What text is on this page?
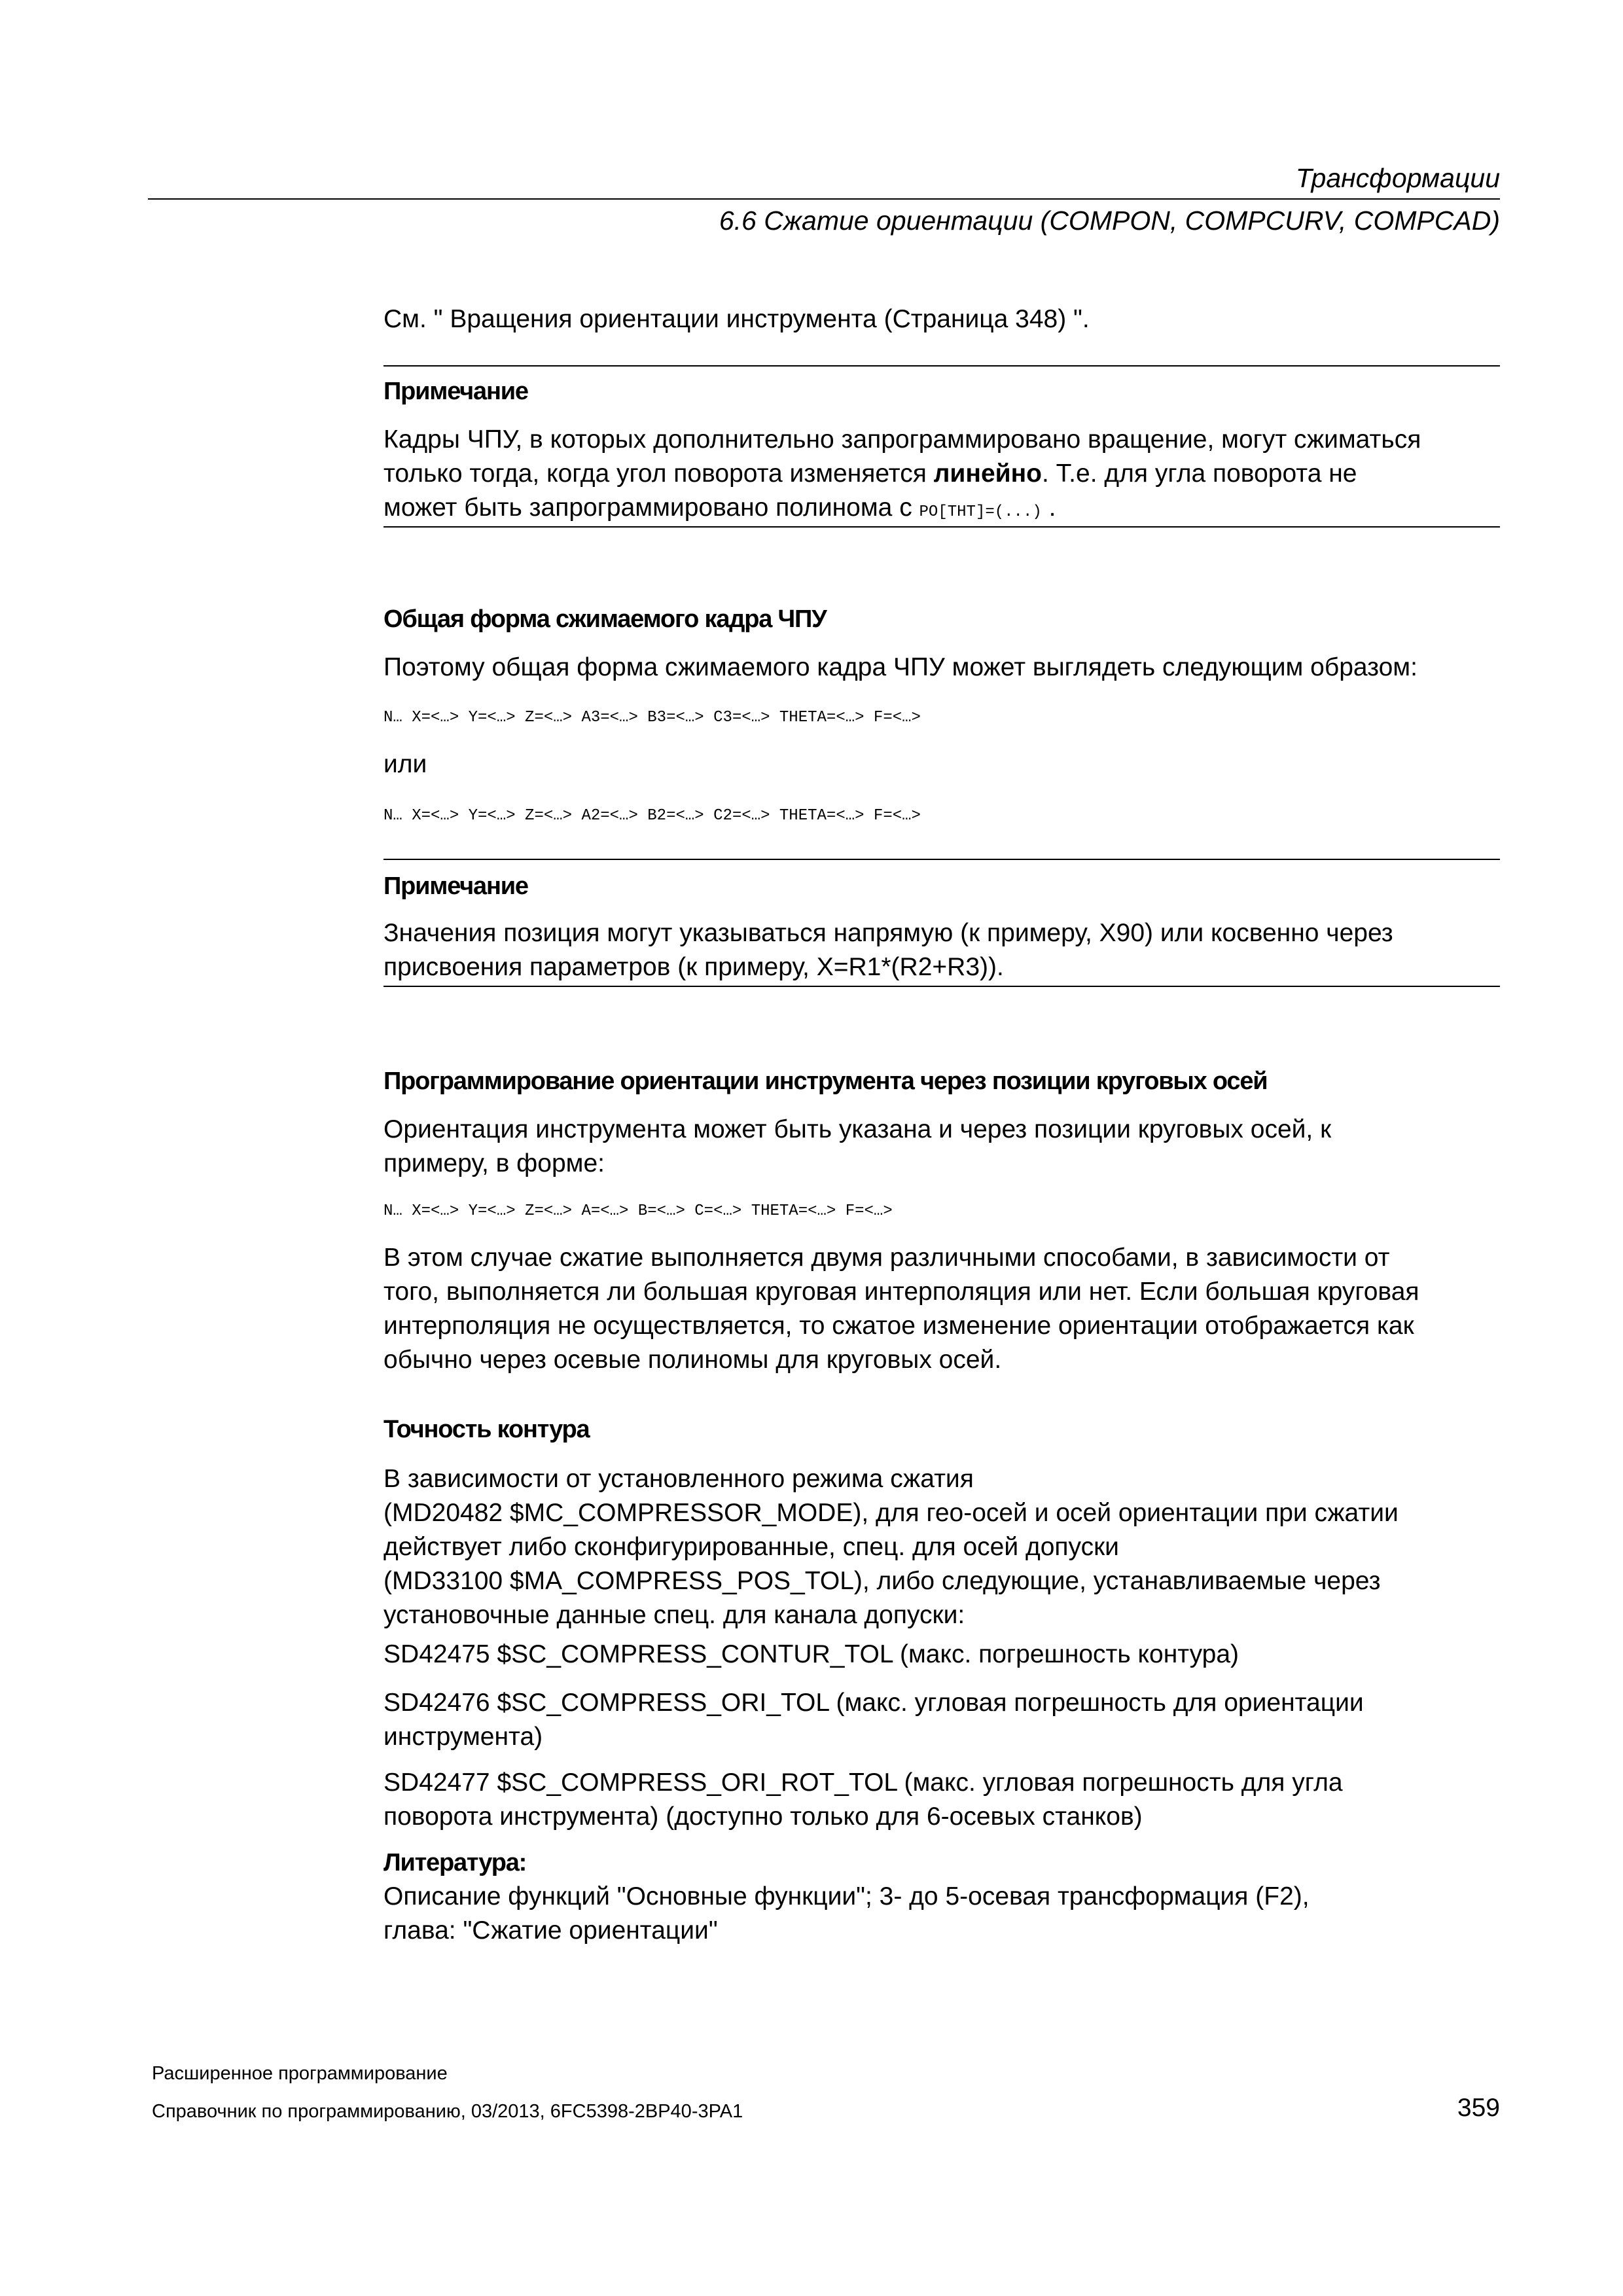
Трансформации
6.6 Сжатие ориентации (COMPON, COMPCURV, COMPCAD)
См. " Вращения ориентации инструмента (Страница 348) ".
Примечание

Кадры ЧПУ, в которых дополнительно запрограммировано вращение, могут сжиматься

только тогда, когда угол поворота изменяется линейно. Т.е. для угла поворота не

может быть запрограммировано полинома с PO[THT]=(...) .

Общая форма сжимаемого кадра ЧПУ
Поэтому общая форма сжимаемого кадра ЧПУ может выглядеть следующим образом:
N… X=<…> Y=<…> Z=<…> A3=<…> B3=<…> C3=<…> THETA=<…> F=<…>
или
N… X=<…> Y=<…> Z=<…> A2=<…> B2=<…> C2=<…> THETA=<…> F=<…>
Примечание

Значения позиция могут указываться напрямую (к примеру, X90) или косвенно через

присвоения параметров (к примеру, X=R1*(R2+R3)).

Программирование ориентации инструмента через позиции круговых осей

Ориентация инструмента может быть указана и через позиции круговых осей, к

примеру, в форме:

N… X=<…> Y=<…> Z=<…> A=<…> B=<…> C=<…> THETA=<…> F=<…>

В этом случае сжатие выполняется двумя различными способами, в зависимости от

того, выполняется ли большая круговая интерполяция или нет. Если большая круговая

интерполяция не осуществляется, то сжатое изменение ориентации отображается как

обычно через осевые полиномы для круговых осей.

Точность контура

В зависимости от установленного режима сжатия

(MD20482 $MC_COMPRESSOR_MODE), для гео-осей и осей ориентации при сжатии

действует либо сконфигурированные, спец. для осей допуски

(MD33100 $MA_COMPRESS_POS_TOL), либо следующие, устанавливаемые через

установочные данные спец. для канала допуски:

SD42475 $SC_COMPRESS_CONTUR_TOL (макс. погрешность контура)

SD42476 $SC_COMPRESS_ORI_TOL (макс. угловая погрешность для ориентации

инструмента)

SD42477 $SC_COMPRESS_ORI_ROT_TOL (макс. угловая погрешность для угла

поворота инструмента) (доступно только для 6-осевых станков)

Литература:

Описание функций "Основные функции"; 3- до 5-осевая трансформация (F2),

глава: "Сжатие ориентации"

Расширенное программирование
Справочник по программированию, 03/2013, 6FC5398-2BP40-3PA1	359
